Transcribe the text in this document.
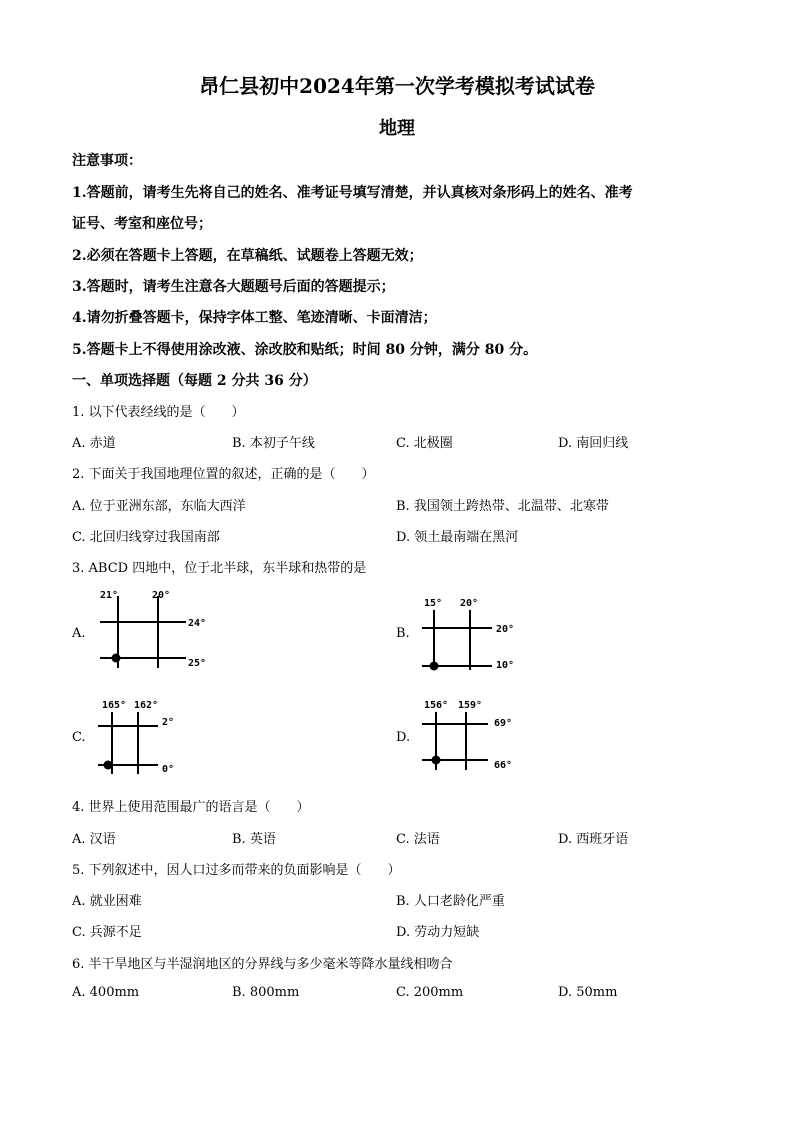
昂仁县初中2024年第一次学考模拟考试试卷
地理
注意事项：
1.答题前，请考生先将自己的姓名、准考证号填写清楚，并认真核对条形码上的姓名、准考
证号、考室和座位号；
2.必须在答题卡上答题，在草稿纸、试题卷上答题无效；
3.答题时，请考生注意各大题题号后面的答题提示；
4.请勿折叠答题卡，保持字体工整、笔迹清晰、卡面清洁；
5.答题卡上不得使用涂改液、涂改胶和贴纸；时间 80 分钟，满分 80 分。
一、单项选择题（每题 2 分共 36 分）
1. 以下代表经线的是（　　）
A. 赤道	B. 本初子午线	C. 北极圈	D. 南回归线
2. 下面关于我国地理位置的叙述，正确的是（　　）
A. 位于亚洲东部，东临大西洋	B. 我国领土跨热带、北温带、北寒带
C. 北回归线穿过我国南部	D. 领土最南端在黑河
3. ABCD 四地中，位于北半球，东半球和热带的是
A.
21°	20°
24°
25°
B.
15° 20°
20°
10°
C.
165° 162°
2°
0°
D.
156° 159°
69°
66°
4. 世界上使用范围最广的语言是（　　）
A. 汉语	B. 英语	C. 法语	D. 西班牙语
5. 下列叙述中，因人口过多而带来的负面影响是（　　）
A. 就业困难	B. 人口老龄化严重
C. 兵源不足	D. 劳动力短缺
6. 半干旱地区与半湿润地区的分界线与多少毫米等降水量线相吻合
A. 400mm	B. 800mm	C. 200mm	D. 50mm
